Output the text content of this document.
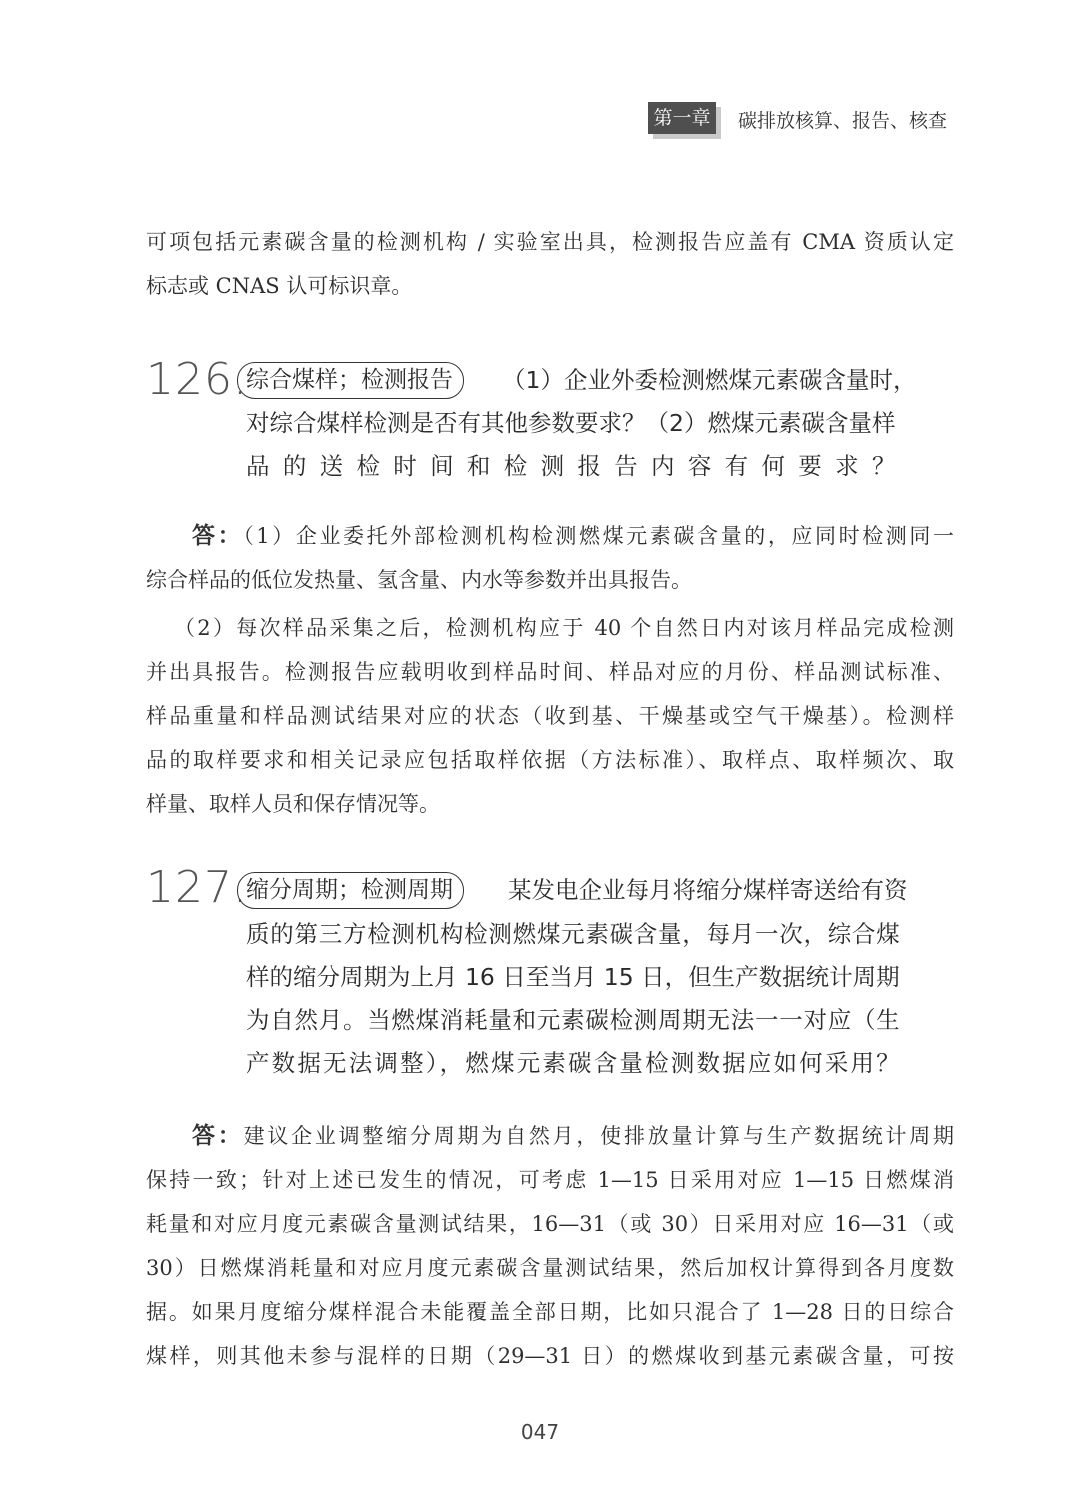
第一章 碳排放核算、报告、核查
可项包括元素碳含量的检测机构 / 实验室出具，检测报告应盖有 CMA 资质认定
标志或 CNAS 认可标识章。
126.
综合煤样；检测报告	（1）企业外委检测燃煤元素碳含量时，
对综合煤样检测是否有其他参数要求？（2）燃煤元素碳含量样
品的送检时间和检测报告内容有何要求？
答：（1）企业委托外部检测机构检测燃煤元素碳含量的，应同时检测同一
综合样品的低位发热量、氢含量、内水等参数并出具报告。
（2）每次样品采集之后，检测机构应于 40 个自然日内对该月样品完成检测
并出具报告。检测报告应载明收到样品时间、样品对应的月份、样品测试标准、
样品重量和样品测试结果对应的状态（收到基、干燥基或空气干燥基）。检测样
品的取样要求和相关记录应包括取样依据（方法标准）、取样点、取样频次、取
样量、取样人员和保存情况等。
127.
缩分周期；检测周期	某发电企业每月将缩分煤样寄送给有资
质的第三方检测机构检测燃煤元素碳含量，每月一次，综合煤
样的缩分周期为上月 16 日至当月 15 日，但生产数据统计周期
为自然月。当燃煤消耗量和元素碳检测周期无法一一对应（生
产数据无法调整），燃煤元素碳含量检测数据应如何采用？
答：建议企业调整缩分周期为自然月，使排放量计算与生产数据统计周期
保持一致；针对上述已发生的情况，可考虑 1—15 日采用对应 1—15 日燃煤消
耗量和对应月度元素碳含量测试结果，16—31（或 30）日采用对应 16—31（或
30）日燃煤消耗量和对应月度元素碳含量测试结果，然后加权计算得到各月度数
据。如果月度缩分煤样混合未能覆盖全部日期，比如只混合了 1—28 日的日综合
煤样，则其他未参与混样的日期（29—31 日）的燃煤收到基元素碳含量，可按
047
